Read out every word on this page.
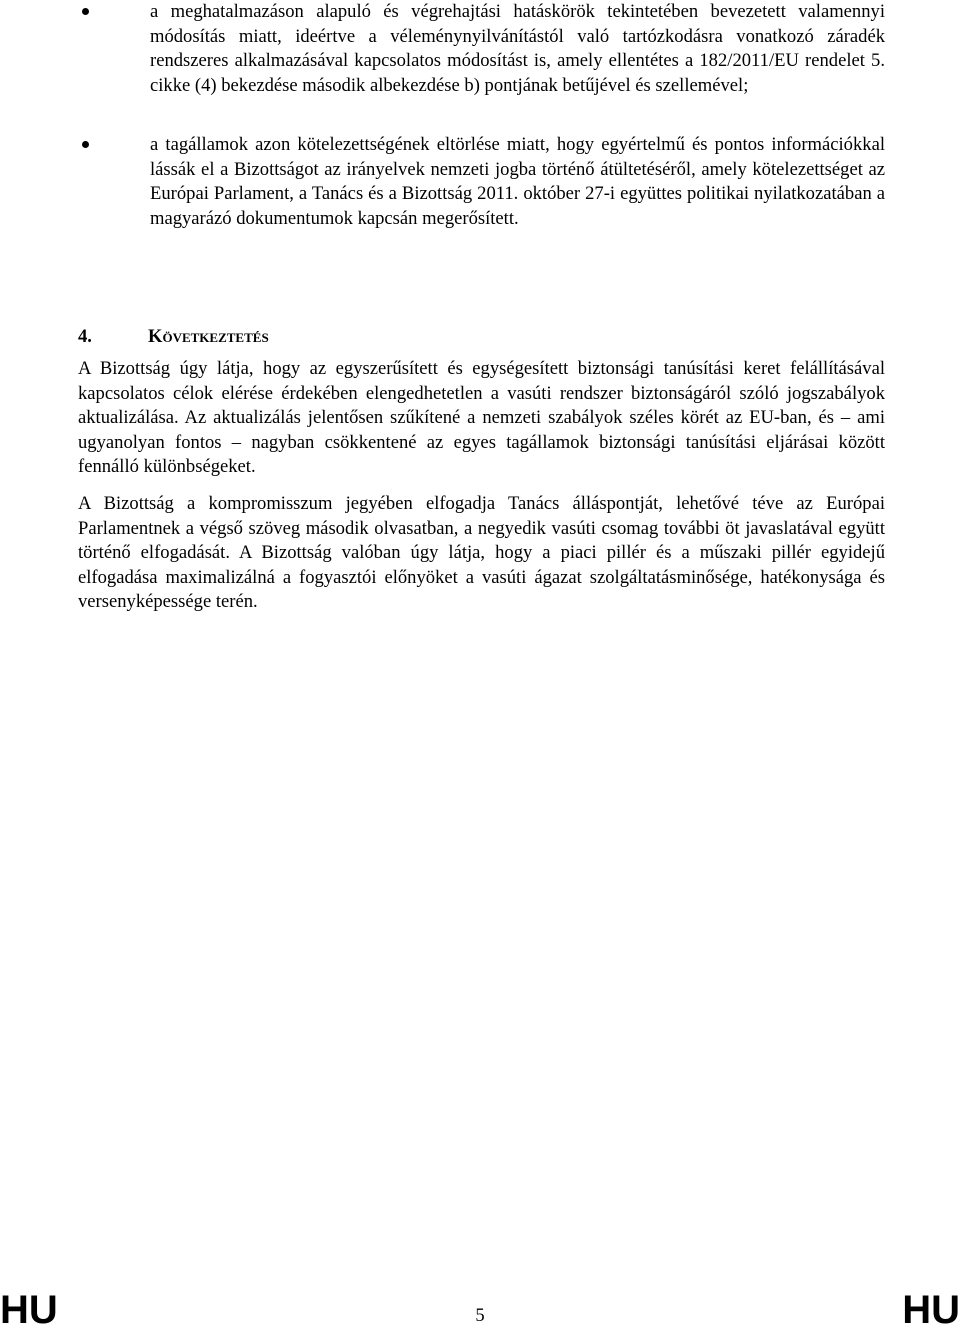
a meghatalmazáson alapuló és végrehajtási hatáskörök tekintetében bevezetett valamennyi módosítás miatt, ideértve a véleménynyilvánítástól való tartózkodásra vonatkozó záradék rendszeres alkalmazásával kapcsolatos módosítást is, amely ellentétes a 182/2011/EU rendelet 5. cikke (4) bekezdése második albekezdése b) pontjának betűjével és szellemével;
a tagállamok azon kötelezettségének eltörlése miatt, hogy egyértelmű és pontos információkkal lássák el a Bizottságot az irányelvek nemzeti jogba történő átültetéséről, amely kötelezettséget az Európai Parlament, a Tanács és a Bizottság 2011. október 27-i együttes politikai nyilatkozatában a magyarázó dokumentumok kapcsán megerősített.
4.	Következtetés

A Bizottság úgy látja, hogy az egyszerűsített és egységesített biztonsági tanúsítási keret felállításával kapcsolatos célok elérése érdekében elengedhetetlen a vasúti rendszer biztonságáról szóló jogszabályok aktualizálása. Az aktualizálás jelentősen szűkítené a nemzeti szabályok széles körét az EU-ban, és – ami ugyanolyan fontos – nagyban csökkentené az egyes tagállamok biztonsági tanúsítási eljárásai között fennálló különbségeket.

A Bizottság a kompromisszum jegyében elfogadja Tanács álláspontját, lehetővé téve az Európai Parlamentnek a végső szöveg második olvasatban, a negyedik vasúti csomag további öt javaslatával együtt történő elfogadását. A Bizottság valóban úgy látja, hogy a piaci pillér és a műszaki pillér egyidejű elfogadása maximalizálná a fogyasztói előnyöket a vasúti ágazat szolgáltatásminősége, hatékonysága és versenyképessége terén.

HU	5	HU
